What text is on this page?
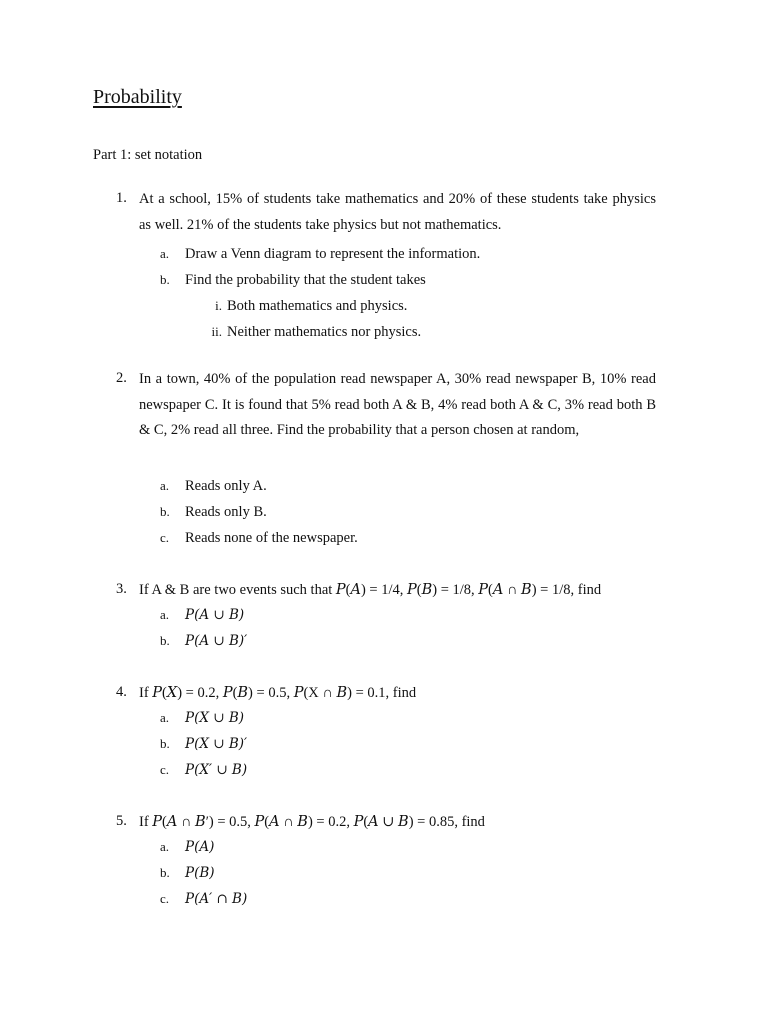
Probability
Part 1: set notation
1. At a school, 15% of students take mathematics and 20% of these students take physics as well. 21% of the students take physics but not mathematics.
a. Draw a Venn diagram to represent the information.
b. Find the probability that the student takes
i. Both mathematics and physics.
ii. Neither mathematics nor physics.
2. In a town, 40% of the population read newspaper A, 30% read newspaper B, 10% read newspaper C. It is found that 5% read both A & B, 4% read both A & C, 3% read both B & C, 2% read all three. Find the probability that a person chosen at random,
a. Reads only A.
b. Reads only B.
c. Reads none of the newspaper.
3. If A & B are two events such that 𝑃(𝐴) = 1/4, 𝑃(𝐵) = 1/8, 𝑃(𝐴 ∩ 𝐵) = 1/8, find
a. 𝑃(𝐴 ∪ 𝐵)
b. 𝑃(𝐴 ∪ 𝐵)′
4. If 𝑃(𝑋) = 0.2, 𝑃(𝐵) = 0.5, 𝑃(X ∩ 𝐵) = 0.1, find
a. 𝑃(𝑋 ∪ 𝐵)
b. 𝑃(𝑋 ∪ 𝐵)′
c. 𝑃(𝑋′ ∪ 𝐵)
5. If 𝑃(𝐴 ∩ 𝐵′) = 0.5, 𝑃(𝐴 ∩ 𝐵) = 0.2, 𝑃(𝐴 ∪ 𝐵) = 0.85, find
a. 𝑃(𝐴)
b. 𝑃(𝐵)
c. 𝑃(𝐴′ ∩ 𝐵)
